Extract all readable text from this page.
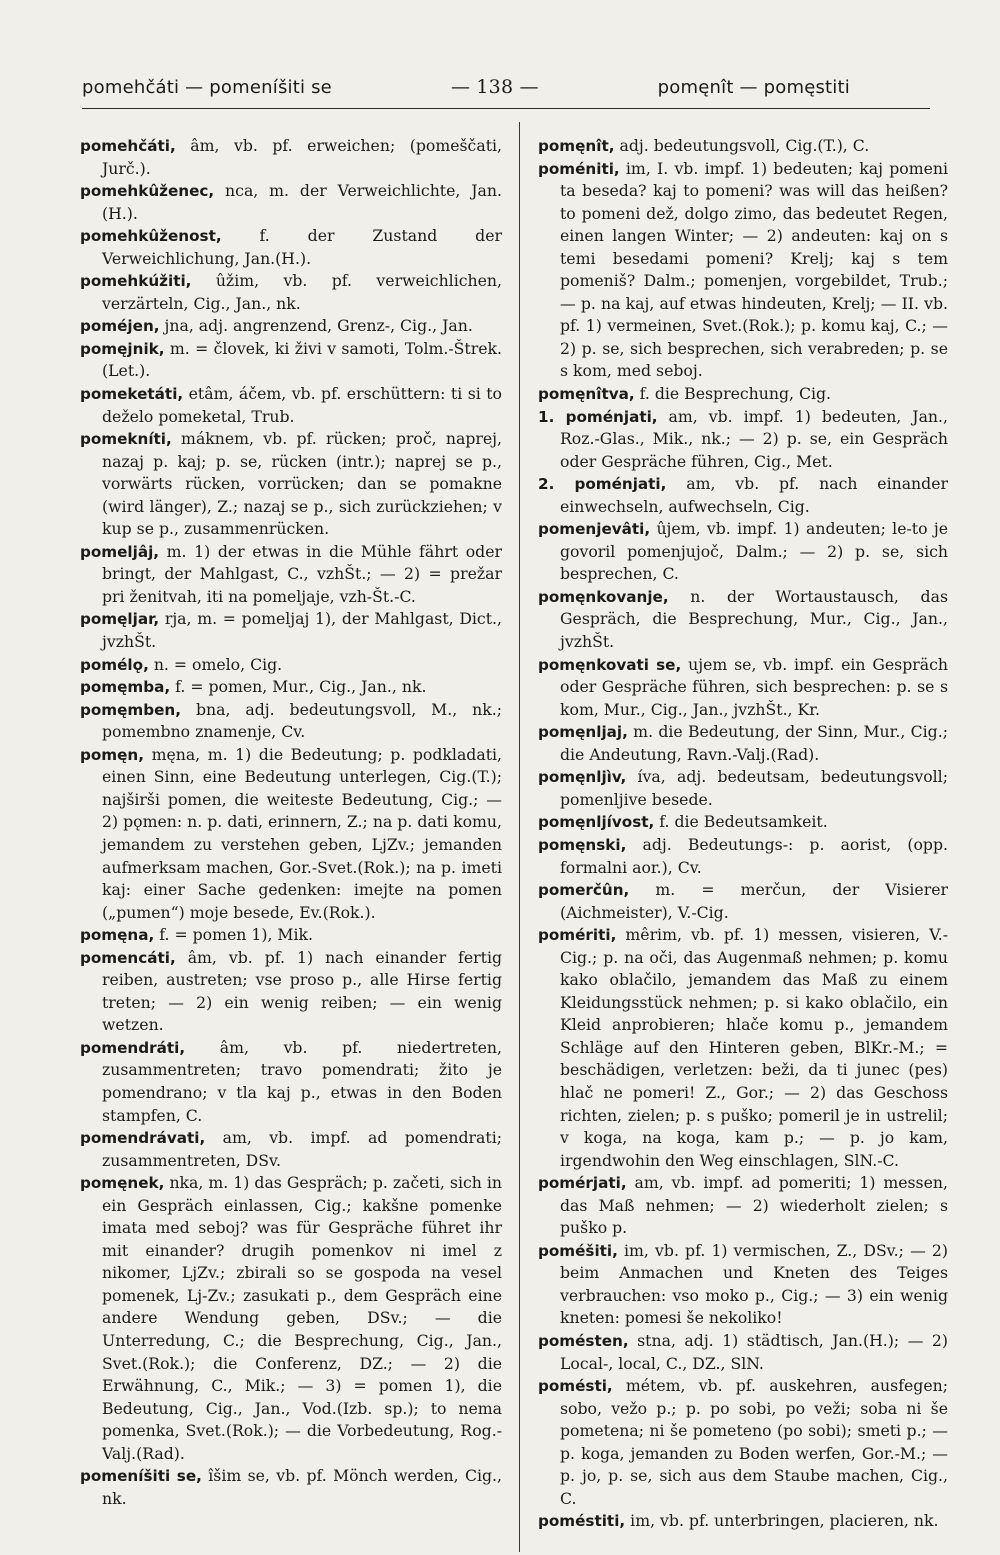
pomehčáti — pomeníšiti se	— 138 —	pomęnît — pomęstiti

pomehčáti, âm, vb. pf. erweichen; (pomeščati, Jurč.).

pomehkûženec, nca, m. der Verweichlichte, Jan.(H.).

pomehkûženost, f. der Zustand der Verweichlichung, Jan.(H.).

pomehkúžiti, ûžim, vb. pf. verweichlichen, verzärteln, Cig., Jan., nk.

poméjen, jna, adj. angrenzend, Grenz-, Cig., Jan.

pomęjnik, m. = človek, ki živi v samoti, Tolm.-Štrek.(Let.).

pomeketáti, etâm, áčem, vb. pf. erschüttern: ti si to deželo pomeketal, Trub.

pomekníti, máknem, vb. pf. rücken; proč, naprej, nazaj p. kaj; p. se, rücken (intr.); naprej se p., vorwärts rücken, vorrücken; dan se pomakne (wird länger), Z.; nazaj se p., sich zurückziehen; v kup se p., zusammenrücken.

pomeljâj, m. 1) der etwas in die Mühle fährt oder bringt, der Mahlgast, C., vzhŠt.; — 2) = prežar pri ženitvah, iti na pomeljaje, vzh-Št.-C.

pomęljar, rja, m. = pomeljaj 1), der Mahlgast, Dict., jvzhŠt.

pomélǫ, n. = omelo, Cig.

pomęmba, f. = pomen, Mur., Cig., Jan., nk.

pomęmben, bna, adj. bedeutungsvoll, M., nk.; pomembno znamenje, Cv.

pomęn, męna, m. 1) die Bedeutung; p. podkladati, einen Sinn, eine Bedeutung unterlegen, Cig.(T.); najširši pomen, die weiteste Bedeutung, Cig.; — 2) pǫmen: n. p. dati, erinnern, Z.; na p. dati komu, jemandem zu verstehen geben, LjZv.; jemanden aufmerksam machen, Gor.-Svet.(Rok.); na p. imeti kaj: einer Sache gedenken: imejte na pomen („pumen“) moje besede, Ev.(Rok.).

pomęna, f. = pomen 1), Mik.

pomencáti, âm, vb. pf. 1) nach einander fertig reiben, austreten; vse proso p., alle Hirse fertig treten; — 2) ein wenig reiben; — ein wenig wetzen.

pomendráti, âm, vb. pf. niedertreten, zusammentreten; travo pomendrati; žito je pomendrano; v tla kaj p., etwas in den Boden stampfen, C.

pomendrávati, am, vb. impf. ad pomendrati; zusammentreten, DSv.

pomęnek, nka, m. 1) das Gespräch; p. začeti, sich in ein Gespräch einlassen, Cig.; kakšne pomenke imata med seboj? was für Gespräche führet ihr mit einander? drugih pomenkov ni imel z nikomer, LjZv.; zbirali so se gospoda na vesel pomenek, Lj-Zv.; zasukati p., dem Gespräch eine andere Wendung geben, DSv.; — die Unterredung, C.; die Besprechung, Cig., Jan., Svet.(Rok.); die Conferenz, DZ.; — 2) die Erwähnung, C., Mik.; — 3) = pomen 1), die Bedeutung, Cig., Jan., Vod.(Izb. sp.); to nema pomenka, Svet.(Rok.); — die Vorbedeutung, Rog.-Valj.(Rad).

pomeníšiti se, îšim se, vb. pf. Mönch werden, Cig., nk.

pomęnît, adj. bedeutungsvoll, Cig.(T.), C.

poméniti, im, I. vb. impf. 1) bedeuten; kaj pomeni ta beseda? kaj to pomeni? was will das heißen? to pomeni dež, dolgo zimo, das bedeutet Regen, einen langen Winter; — 2) andeuten: kaj on s temi besedami pomeni? Krelj; kaj s tem pomeniš? Dalm.; pomenjen, vorgebildet, Trub.; — p. na kaj, auf etwas hindeuten, Krelj; — II. vb. pf. 1) vermeinen, Svet.(Rok.); p. komu kaj, C.; — 2) p. se, sich besprechen, sich verabreden; p. se s kom, med seboj.

pomęnîtva, f. die Besprechung, Cig.

1. poménjati, am, vb. impf. 1) bedeuten, Jan., Roz.-Glas., Mik., nk.; — 2) p. se, ein Gespräch oder Gespräche führen, Cig., Met.

2. poménjati, am, vb. pf. nach einander einwechseln, aufwechseln, Cig.

pomenjevâti, ûjem, vb. impf. 1) andeuten; le-to je govoril pomenjujoč, Dalm.; — 2) p. se, sich besprechen, C.

pomęnkovanje, n. der Wortaustausch, das Gespräch, die Besprechung, Mur., Cig., Jan., jvzhŠt.

pomęnkovati se, ujem se, vb. impf. ein Gespräch oder Gespräche führen, sich besprechen: p. se s kom, Mur., Cig., Jan., jvzhŠt., Kr.

pomęnljaj, m. die Bedeutung, der Sinn, Mur., Cig.; die Andeutung, Ravn.-Valj.(Rad).

pomęnljìv, íva, adj. bedeutsam, bedeutungsvoll; pomenljive besede.

pomęnljívost, f. die Bedeutsamkeit.

pomęnski, adj. Bedeutungs-: p. aorist, (opp. formalni aor.), Cv.

pomerčûn, m. = merčun, der Visierer (Aichmeister), V.-Cig.

pomériti, mêrim, vb. pf. 1) messen, visieren, V.-Cig.; p. na oči, das Augenmaß nehmen; p. komu kako oblačilo, jemandem das Maß zu einem Kleidungsstück nehmen; p. si kako oblačilo, ein Kleid anprobieren; hlače komu p., jemandem Schläge auf den Hinteren geben, BlKr.-M.; = beschädigen, verletzen: beži, da ti junec (pes) hlač ne pomeri! Z., Gor.; — 2) das Geschoss richten, zielen; p. s puško; pomeril je in ustrelil; v koga, na koga, kam p.; — p. jo kam, irgendwohin den Weg einschlagen, SlN.-C.

pomérjati, am, vb. impf. ad pomeriti; 1) messen, das Maß nehmen; — 2) wiederholt zielen; s puško p.

poméšiti, im, vb. pf. 1) vermischen, Z., DSv.; — 2) beim Anmachen und Kneten des Teiges verbrauchen: vso moko p., Cig.; — 3) ein wenig kneten: pomesi še nekoliko!

pomésten, stna, adj. 1) städtisch, Jan.(H.); — 2) Local-, local, C., DZ., SlN.

pomésti, métem, vb. pf. auskehren, ausfegen; sobo, vežo p.; p. po sobi, po veži; soba ni še pometena; ni še pometeno (po sobi); smeti p.; — p. koga, jemanden zu Boden werfen, Gor.-M.; — p. jo, p. se, sich aus dem Staube machen, Cig., C.

poméstiti, im, vb. pf. unterbringen, placieren, nk.
